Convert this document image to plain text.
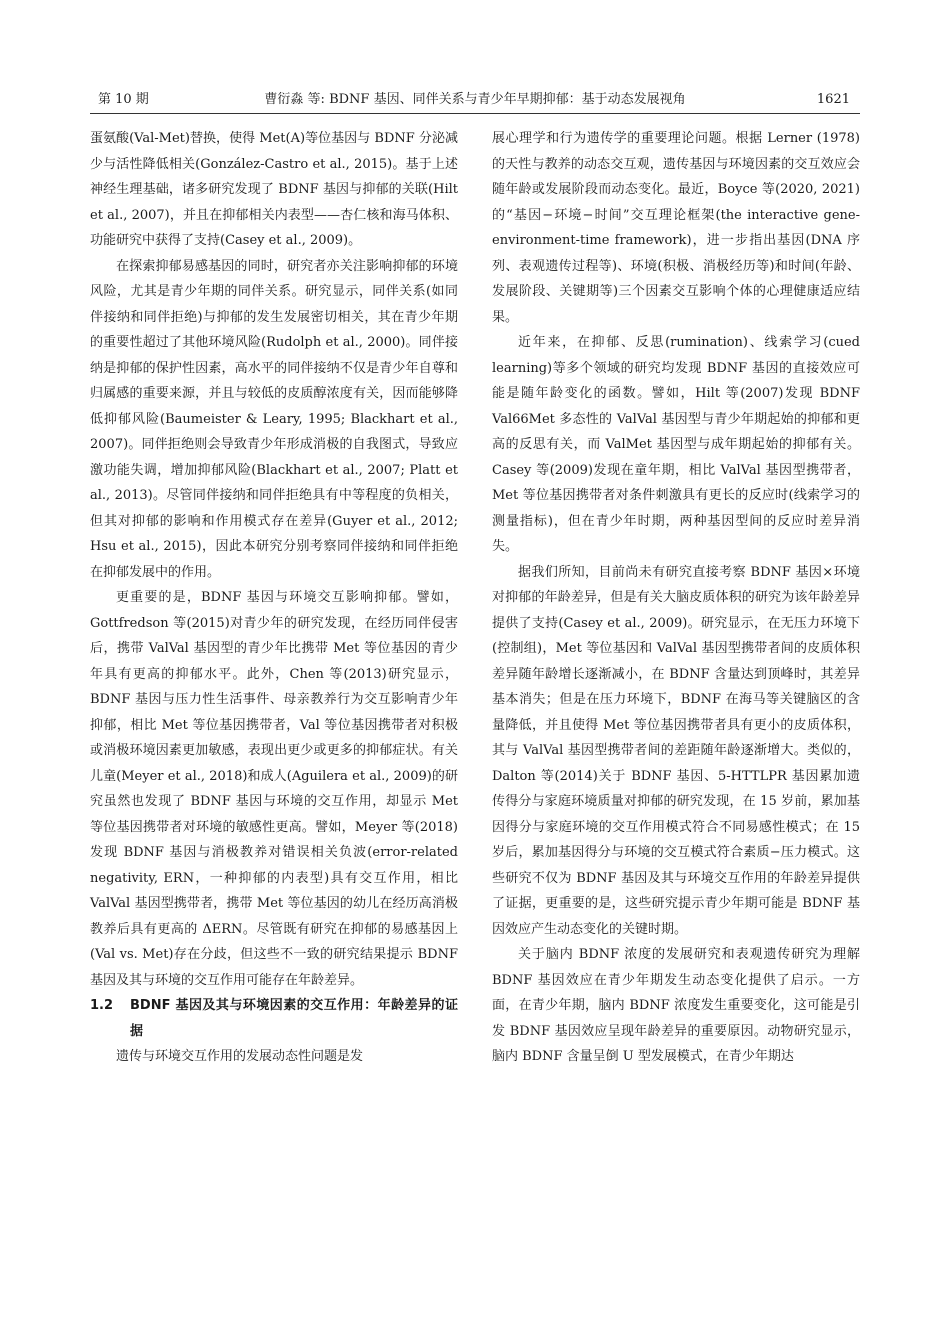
第 10 期	曹衍淼 等: BDNF 基因、同伴关系与青少年早期抑郁：基于动态发展视角	1621

蛋氨酸(Val-Met)替换，使得 Met(A)等位基因与 BDNF 分泌减少与活性降低相关(González-Castro et al., 2015)。基于上述神经生理基础，诸多研究发现了 BDNF 基因与抑郁的关联(Hilt et al., 2007)，并且在抑郁相关内表型——杏仁核和海马体积、功能研究中获得了支持(Casey et al., 2009)。

在探索抑郁易感基因的同时，研究者亦关注影响抑郁的环境风险，尤其是青少年期的同伴关系。研究显示，同伴关系(如同伴接纳和同伴拒绝)与抑郁的发生发展密切相关，其在青少年期的重要性超过了其他环境风险(Rudolph et al., 2000)。同伴接纳是抑郁的保护性因素，高水平的同伴接纳不仅是青少年自尊和归属感的重要来源，并且与较低的皮质醇浓度有关，因而能够降低抑郁风险(Baumeister & Leary, 1995; Blackhart et al., 2007)。同伴拒绝则会导致青少年形成消极的自我图式，导致应激功能失调，增加抑郁风险(Blackhart et al., 2007; Platt et al., 2013)。尽管同伴接纳和同伴拒绝具有中等程度的负相关，但其对抑郁的影响和作用模式存在差异(Guyer et al., 2012; Hsu et al., 2015)，因此本研究分别考察同伴接纳和同伴拒绝在抑郁发展中的作用。

更重要的是，BDNF 基因与环境交互影响抑郁。譬如，Gottfredson 等(2015)对青少年的研究发现，在经历同伴侵害后，携带 ValVal 基因型的青少年比携带 Met 等位基因的青少年具有更高的抑郁水平。此外，Chen 等(2013)研究显示，BDNF 基因与压力性生活事件、母亲教养行为交互影响青少年抑郁，相比 Met 等位基因携带者，Val 等位基因携带者对积极或消极环境因素更加敏感，表现出更少或更多的抑郁症状。有关儿童(Meyer et al., 2018)和成人(Aguilera et al., 2009)的研究虽然也发现了 BDNF 基因与环境的交互作用，却显示 Met 等位基因携带者对环境的敏感性更高。譬如，Meyer 等(2018)发现 BDNF 基因与消极教养对错误相关负波(error-related negativity, ERN，一种抑郁的内表型)具有交互作用，相比 ValVal 基因型携带者，携带 Met 等位基因的幼儿在经历高消极教养后具有更高的 ΔERN。尽管既有研究在抑郁的易感基因上(Val vs. Met)存在分歧，但这些不一致的研究结果提示 BDNF 基因及其与环境的交互作用可能存在年龄差异。

1.2	BDNF 基因及其与环境因素的交互作用：年龄差异的证据

遗传与环境交互作用的发展动态性问题是发

展心理学和行为遗传学的重要理论问题。根据 Lerner (1978)的天性与教养的动态交互观，遗传基因与环境因素的交互效应会随年龄或发展阶段而动态变化。最近，Boyce 等(2020, 2021)的“基因−环境−时间”交互理论框架(the interactive gene-environment-time framework)，进一步指出基因(DNA 序列、表观遗传过程等)、环境(积极、消极经历等)和时间(年龄、发展阶段、关键期等)三个因素交互影响个体的心理健康适应结果。

近年来，在抑郁、反思(rumination)、线索学习(cued learning)等多个领域的研究均发现 BDNF 基因的直接效应可能是随年龄变化的函数。譬如，Hilt 等(2007)发现 BDNF Val66Met 多态性的 ValVal 基因型与青少年期起始的抑郁和更高的反思有关，而 ValMet 基因型与成年期起始的抑郁有关。Casey 等(2009)发现在童年期，相比 ValVal 基因型携带者，Met 等位基因携带者对条件刺激具有更长的反应时(线索学习的测量指标)，但在青少年时期，两种基因型间的反应时差异消失。

据我们所知，目前尚未有研究直接考察 BDNF 基因×环境对抑郁的年龄差异，但是有关大脑皮质体积的研究为该年龄差异提供了支持(Casey et al., 2009)。研究显示，在无压力环境下(控制组)，Met 等位基因和 ValVal 基因型携带者间的皮质体积差异随年龄增长逐渐减小，在 BDNF 含量达到顶峰时，其差异基本消失；但是在压力环境下，BDNF 在海马等关键脑区的含量降低，并且使得 Met 等位基因携带者具有更小的皮质体积，其与 ValVal 基因型携带者间的差距随年龄逐渐增大。类似的，Dalton 等(2014)关于 BDNF 基因、5-HTTLPR 基因累加遗传得分与家庭环境质量对抑郁的研究发现，在 15 岁前，累加基因得分与家庭环境的交互作用模式符合不同易感性模式；在 15 岁后，累加基因得分与环境的交互模式符合素质−压力模式。这些研究不仅为 BDNF 基因及其与环境交互作用的年龄差异提供了证据，更重要的是，这些研究提示青少年期可能是 BDNF 基因效应产生动态变化的关键时期。

关于脑内 BDNF 浓度的发展研究和表观遗传研究为理解 BDNF 基因效应在青少年期发生动态变化提供了启示。一方面，在青少年期，脑内 BDNF 浓度发生重要变化，这可能是引发 BDNF 基因效应呈现年龄差异的重要原因。动物研究显示，脑内 BDNF 含量呈倒 U 型发展模式，在青少年期达
